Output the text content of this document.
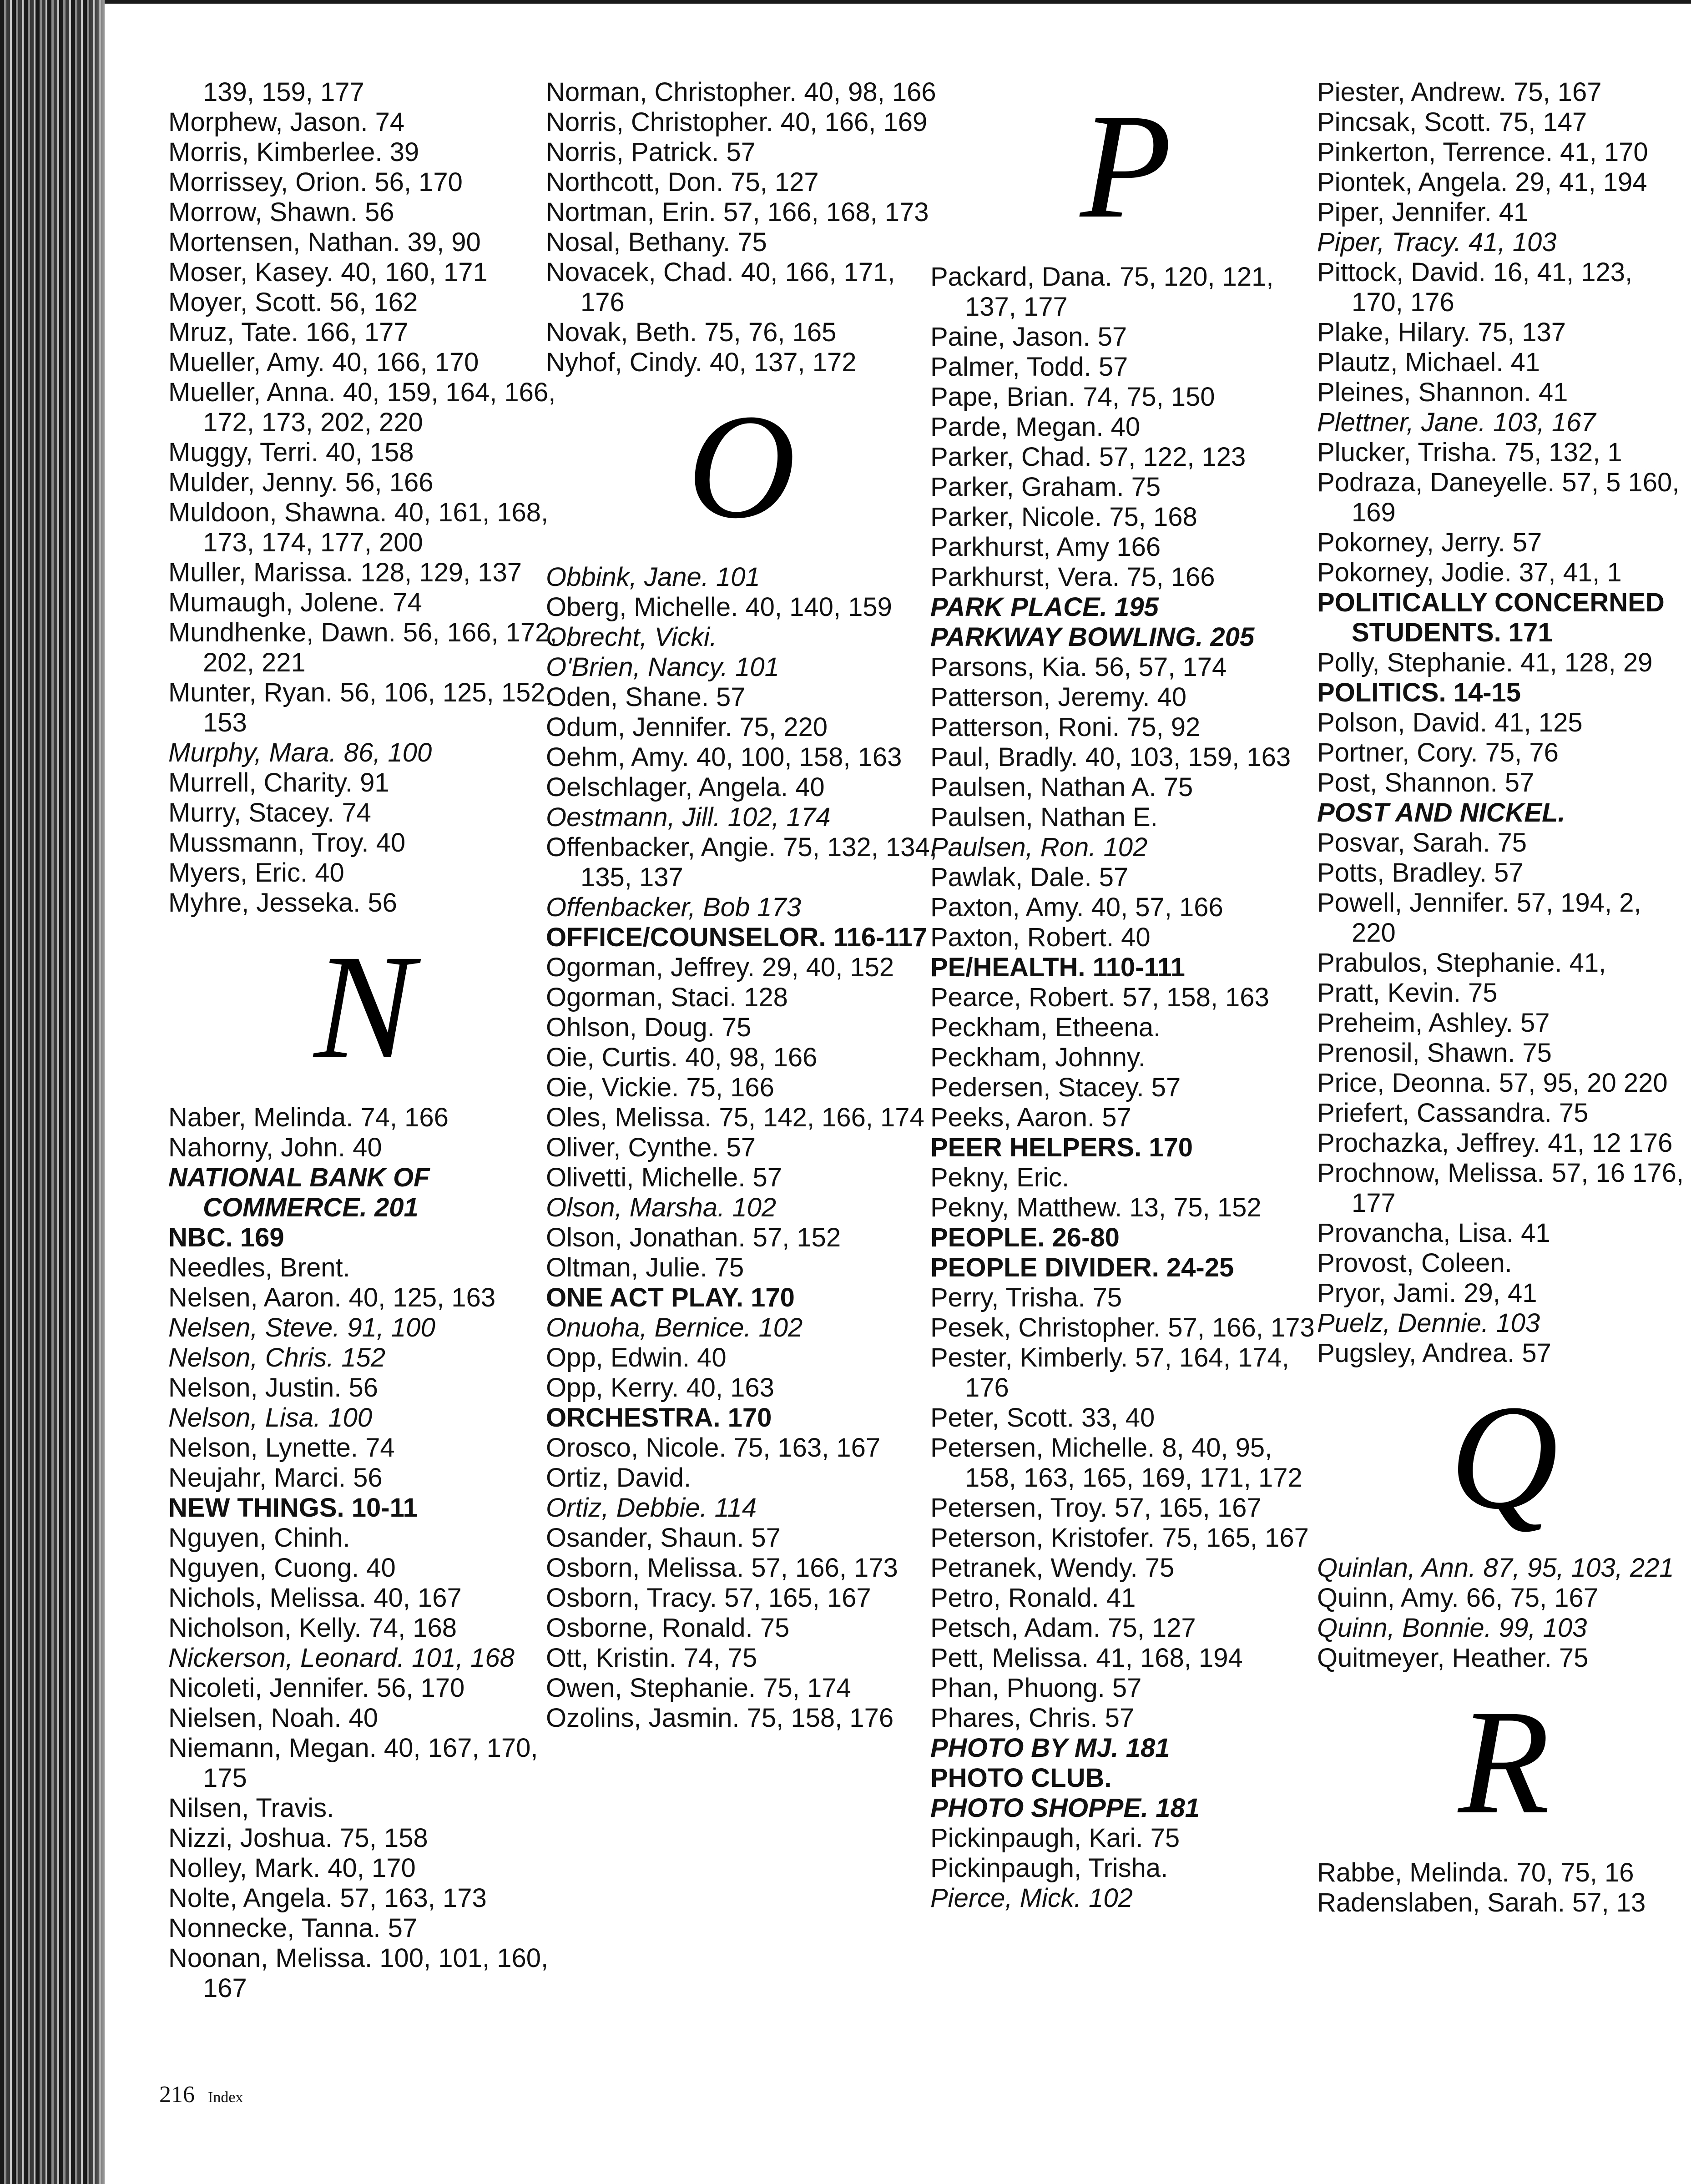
139, 159, 177
Morphew, Jason. 74
Morris, Kimberlee. 39
Morrissey, Orion. 56, 170
Morrow, Shawn. 56
Mortensen, Nathan. 39, 90
Moser, Kasey. 40, 160, 171
Moyer, Scott. 56, 162
Mruz, Tate. 166, 177
Mueller, Amy. 40, 166, 170
Mueller, Anna. 40, 159, 164, 166, 172, 173, 202, 220
Muggy, Terri. 40, 158
Mulder, Jenny. 56, 166
Muldoon, Shawna. 40, 161, 168, 173, 174, 177, 200
Muller, Marissa. 128, 129, 137
Mumaugh, Jolene. 74
Mundhenke, Dawn. 56, 166, 172, 202, 221
Munter, Ryan. 56, 106, 125, 152, 153
Murphy, Mara. 86, 100
Murrell, Charity. 91
Murry, Stacey. 74
Mussmann, Troy. 40
Myers, Eric. 40
Myhre, Jesseka. 56
N
Naber, Melinda. 74, 166
Nahorny, John. 40
NATIONAL BANK OF COMMERCE. 201
NBC. 169
Needles, Brent.
Nelsen, Aaron. 40, 125, 163
Nelsen, Steve. 91, 100
Nelson, Chris. 152
Nelson, Justin. 56
Nelson, Lisa. 100
Nelson, Lynette. 74
Neujahr, Marci. 56
NEW THINGS. 10-11
Nguyen, Chinh.
Nguyen, Cuong. 40
Nichols, Melissa. 40, 167
Nicholson, Kelly. 74, 168
Nickerson, Leonard. 101, 168
Nicoleti, Jennifer. 56, 170
Nielsen, Noah. 40
Niemann, Megan. 40, 167, 170, 175
Nilsen, Travis.
Nizzi, Joshua. 75, 158
Nolley, Mark. 40, 170
Nolte, Angela. 57, 163, 173
Nonnecke, Tanna. 57
Noonan, Melissa. 100, 101, 160, 167
Norman, Christopher. 40, 98, 166
Norris, Christopher. 40, 166, 169
Norris, Patrick. 57
Northcott, Don. 75, 127
Nortman, Erin. 57, 166, 168, 173
Nosal, Bethany. 75
Novacek, Chad. 40, 166, 171, 176
Novak, Beth. 75, 76, 165
Nyhof, Cindy. 40, 137, 172
O
Obbink, Jane. 101
Oberg, Michelle. 40, 140, 159
Obrecht, Vicki.
O'Brien, Nancy. 101
Oden, Shane. 57
Odum, Jennifer. 75, 220
Oehm, Amy. 40, 100, 158, 163
Oelschlager, Angela. 40
Oestmann, Jill. 102, 174
Offenbacker, Angie. 75, 132, 134, 135, 137
Offenbacker, Bob 173
OFFICE/COUNSELOR. 116-117
Ogorman, Jeffrey. 29, 40, 152
Ogorman, Staci. 128
Ohlson, Doug. 75
Oie, Curtis. 40, 98, 166
Oie, Vickie. 75, 166
Oles, Melissa. 75, 142, 166, 174
Oliver, Cynthe. 57
Olivetti, Michelle. 57
Olson, Marsha. 102
Olson, Jonathan. 57, 152
Oltman, Julie. 75
ONE ACT PLAY. 170
Onuoha, Bernice. 102
Opp, Edwin. 40
Opp, Kerry. 40, 163
ORCHESTRA. 170
Orosco, Nicole. 75, 163, 167
Ortiz, David.
Ortiz, Debbie. 114
Osander, Shaun. 57
Osborn, Melissa. 57, 166, 173
Osborn, Tracy. 57, 165, 167
Osborne, Ronald. 75
Ott, Kristin. 74, 75
Owen, Stephanie. 75, 174
Ozolins, Jasmin. 75, 158, 176
P
Packard, Dana. 75, 120, 121, 137, 177
Paine, Jason. 57
Palmer, Todd. 57
Pape, Brian. 74, 75, 150
Parde, Megan. 40
Parker, Chad. 57, 122, 123
Parker, Graham. 75
Parker, Nicole. 75, 168
Parkhurst, Amy 166
Parkhurst, Vera. 75, 166
PARK PLACE. 195
PARKWAY BOWLING. 205
Parsons, Kia. 56, 57, 174
Patterson, Jeremy. 40
Patterson, Roni. 75, 92
Paul, Bradly. 40, 103, 159, 163
Paulsen, Nathan A. 75
Paulsen, Nathan E.
Paulsen, Ron. 102
Pawlak, Dale. 57
Paxton, Amy. 40, 57, 166
Paxton, Robert. 40
PE/HEALTH. 110-111
Pearce, Robert. 57, 158, 163
Peckham, Etheena.
Peckham, Johnny.
Pedersen, Stacey. 57
Peeks, Aaron. 57
PEER HELPERS. 170
Pekny, Eric.
Pekny, Matthew. 13, 75, 152
PEOPLE. 26-80
PEOPLE DIVIDER. 24-25
Perry, Trisha. 75
Pesek, Christopher. 57, 166, 173
Pester, Kimberly. 57, 164, 174, 176
Peter, Scott. 33, 40
Petersen, Michelle. 8, 40, 95, 158, 163, 165, 169, 171, 172
Petersen, Troy. 57, 165, 167
Peterson, Kristofer. 75, 165, 167
Petranek, Wendy. 75
Petro, Ronald. 41
Petsch, Adam. 75, 127
Pett, Melissa. 41, 168, 194
Phan, Phuong. 57
Phares, Chris. 57
PHOTO BY MJ. 181
PHOTO CLUB.
PHOTO SHOPPE. 181
Pickinpaugh, Kari. 75
Pickinpaugh, Trisha.
Pierce, Mick. 102
Piester, Andrew. 75, 167
Pincsak, Scott. 75, 147
Pinkerton, Terrence. 41, 170
Piontek, Angela. 29, 41, 194
Piper, Jennifer. 41
Piper, Tracy. 41, 103
Pittock, David. 16, 41, 123, 170, 176
Plake, Hilary. 75, 137
Plautz, Michael. 41
Pleines, Shannon. 41
Plettner, Jane. 103, 167
Plucker, Trisha. 75, 132, 1
Podraza, Daneyelle. 57, 5 160, 169
Pokorney, Jerry. 57
Pokorney, Jodie. 37, 41, 1
POLITICALLY CONCERNED STUDENTS. 171
Polly, Stephanie. 41, 128, 29
POLITICS. 14-15
Polson, David. 41, 125
Portner, Cory. 75, 76
Post, Shannon. 57
POST AND NICKEL.
Posvar, Sarah. 75
Potts, Bradley. 57
Powell, Jennifer. 57, 194, 2, 220
Prabulos, Stephanie. 41,
Pratt, Kevin. 75
Preheim, Ashley. 57
Prenosil, Shawn. 75
Price, Deonna. 57, 95, 20 220
Priefert, Cassandra. 75
Prochazka, Jeffrey. 41, 12 176
Prochnow, Melissa. 57, 16 176, 177
Provancha, Lisa. 41
Provost, Coleen.
Pryor, Jami. 29, 41
Puelz, Dennie. 103
Pugsley, Andrea. 57
Q
Quinlan, Ann. 87, 95, 103, 221
Quinn, Amy. 66, 75, 167
Quinn, Bonnie. 99, 103
Quitmeyer, Heather. 75
R
Rabbe, Melinda. 70, 75, 16
Radenslaben, Sarah. 57, 13
216 Index
